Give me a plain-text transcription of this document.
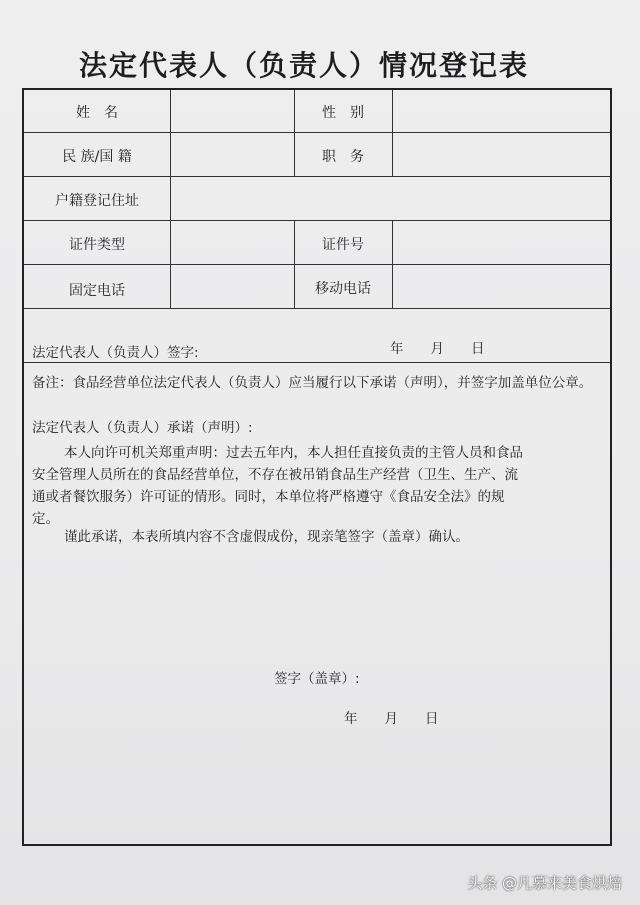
法定代表人（负责人）情况登记表
姓　名	性　别
民 族/国 籍	职　务
户籍登记住址
证件类型	证件号
固定电话	移动电话
法定代表人（负责人）签字:	年　　月　　日
备注：食品经营单位法定代表人（负责人）应当履行以下承诺（声明），并签字加盖单位公章。
法定代表人（负责人）承诺（声明）:
本人向许可机关郑重声明：过去五年内，本人担任直接负责的主管人员和食品
安全管理人员所在的食品经营单位，不存在被吊销食品生产经营（卫生、生产、流
通或者餐饮服务）许可证的情形。同时，本单位将严格遵守《食品安全法》的规
定。
谨此承诺，本表所填内容不含虚假成份，现亲笔签字（盖章）确认。
签字（盖章）:
年　　月　　日
头条 @凡慕来美食烘焙
